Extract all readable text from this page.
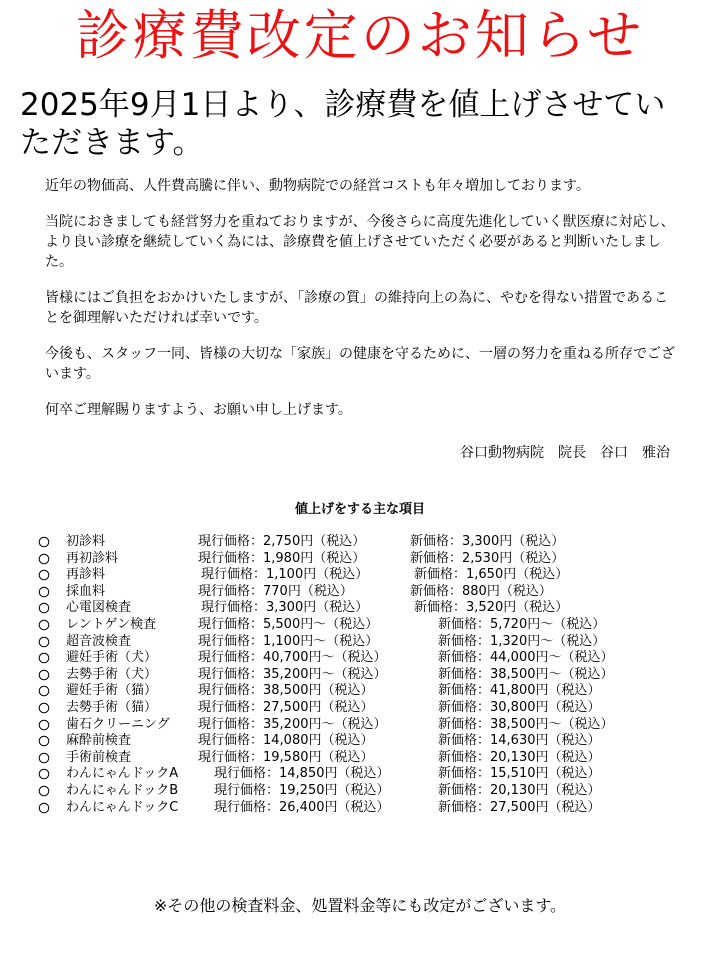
診療費改定のお知らせ
2025年9月1日より、診療費を値上げさせていただきます。

近年の物価高、人件費高騰に伴い、動物病院での経営コストも年々増加しております。

当院におきましても経営努力を重ねておりますが、今後さらに高度先進化していく獣医療に対応し、より良い診療を継続していく為には、診療費を値上げさせていただく必要があると判断いたしました。

皆様にはご負担をおかけいたしますが、「診療の質」の維持向上の為に、やむを得ない措置であることを御理解いただければ幸いです。

今後も、スタッフ一同、皆様の大切な「家族」の健康を守るために、一層の努力を重ねる所存でございます。

何卒ご理解賜りますよう、お願い申し上げます。

谷口動物病院　院長　谷口　雅治
値上げをする主な項目
初診料	現行価格：2,750円（税込）	新価格：3,300円（税込）
再初診料	現行価格：1,980円（税込）	新価格：2,530円（税込）
再診料	現行価格：1,100円（税込）	新価格：1,650円（税込）
採血料	現行価格：770円（税込）	新価格：880円（税込）
心電図検査	現行価格：3,300円（税込）	新価格：3,520円（税込）
レントゲン検査	現行価格：5,500円～（税込）	新価格：5,720円～（税込）
超音波検査	現行価格：1,100円～（税込）	新価格：1,320円～（税込）
避妊手術（犬）	現行価格：40,700円～（税込）	新価格：44,000円～（税込）
去勢手術（犬）	現行価格：35,200円～（税込）	新価格：38,500円～（税込）
避妊手術（猫）	現行価格：38,500円（税込）	新価格：41,800円（税込）
去勢手術（猫）	現行価格：27,500円（税込）	新価格：30,800円（税込）
歯石クリーニング 現行価格：35,200円～（税込）	新価格：38,500円～（税込）
麻酔前検査	現行価格：14,080円（税込）	新価格：14,630円（税込）
手術前検査	現行価格：19,580円（税込）	新価格：20,130円（税込）
わんにゃんドックA	現行価格：14,850円（税込）	新価格：15,510円（税込）
わんにゃんドックB	現行価格：19,250円（税込）	新価格：20,130円（税込）
わんにゃんドックC	現行価格：26,400円（税込）	新価格：27,500円（税込）
※その他の検査料金、処置料金等にも改定がございます。
